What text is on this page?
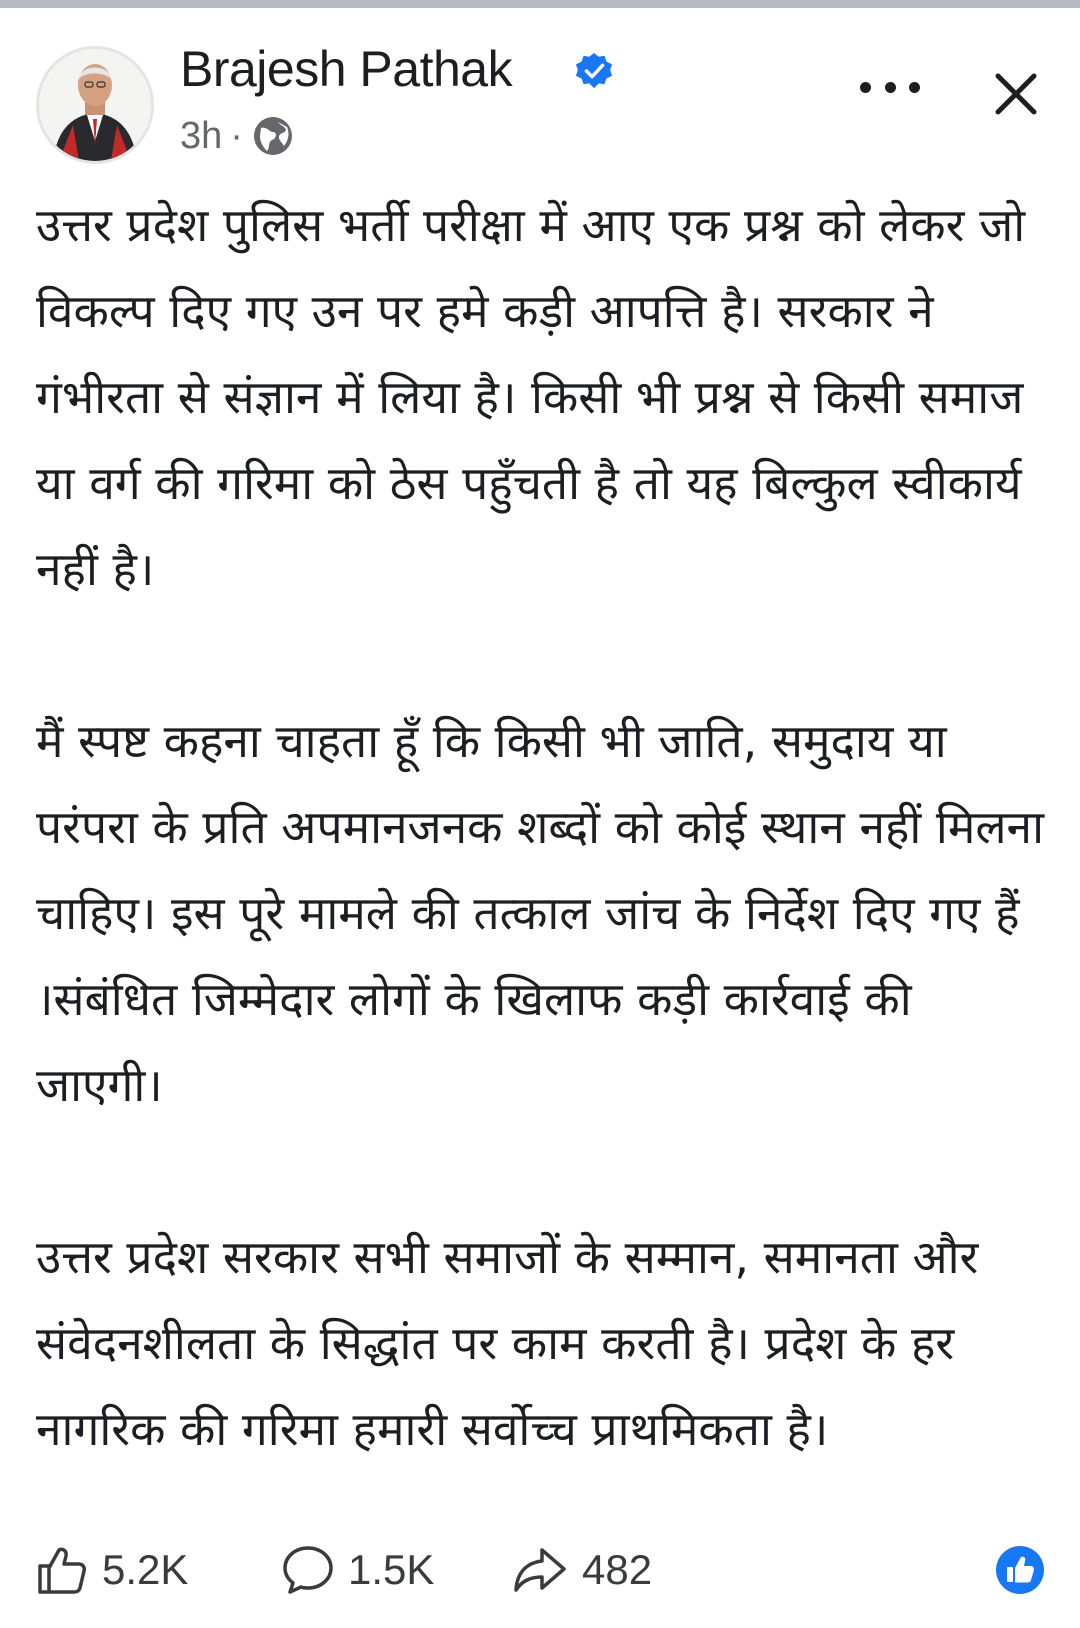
Brajesh Pathak
3h ·

उत्तर प्रदेश पुलिस भर्ती परीक्षा में आए एक प्रश्न को लेकर जो विकल्प दिए गए उन पर हमे कड़ी आपत्ति है। सरकार ने गंभीरता से संज्ञान में लिया है। किसी भी प्रश्न से किसी समाज या वर्ग की गरिमा को ठेस पहुँचती है तो यह बिल्कुल स्वीकार्य नहीं है।

मैं स्पष्ट कहना चाहता हूँ कि किसी भी जाति, समुदाय या परंपरा के प्रति अपमानजनक शब्दों को कोई स्थान नहीं मिलना चाहिए। इस पूरे मामले की तत्काल जांच के निर्देश दिए गए हैं ।संबंधित जिम्मेदार लोगों के खिलाफ कड़ी कार्रवाई की जाएगी।

उत्तर प्रदेश सरकार सभी समाजों के सम्मान, समानता और संवेदनशीलता के सिद्धांत पर काम करती है। प्रदेश के हर नागरिक की गरिमा हमारी सर्वोच्च प्राथमिकता है।

5.2K	1.5K	482
